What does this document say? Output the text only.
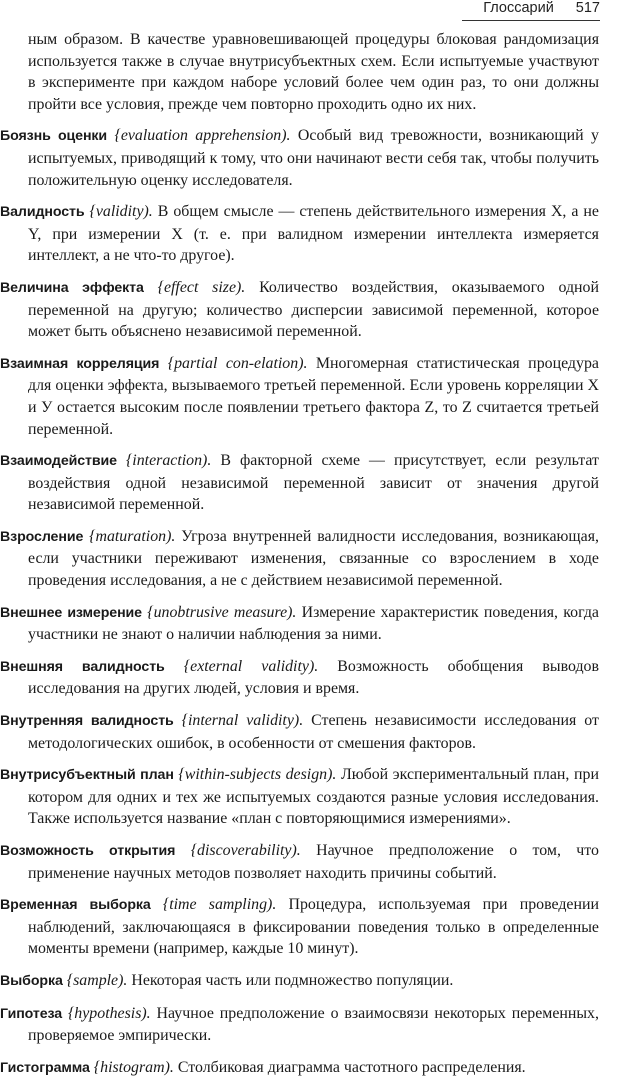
Глоссарий 517

ным образом. В качестве уравновешивающей процедуры блоковая рандомизация используется также в случае внутрисубъектных схем. Если испытуемые участвуют в эксперименте при каждом наборе условий более чем один раз, то они должны пройти все условия, прежде чем повторно проходить одно их них.

Боязнь оценки {evaluation apprehension). Особый вид тревожности, возникающий у испытуемых, приводящий к тому, что они начинают вести себя так, чтобы получить положительную оценку исследователя.

Валидность {validity). В общем смысле — степень действительного измерения X, а не Y, при измерении X (т. е. при валидном измерении интеллекта измеряется интеллект, а не что-то другое).

Величина эффекта {effect size). Количество воздействия, оказываемого одной переменной на другую; количество дисперсии зависимой переменной, которое может быть объяснено независимой переменной.

Взаимная корреляция {partial con-elation). Многомерная статистическая процедура для оценки эффекта, вызываемого третьей переменной. Если уровень корреляции X и У остается высоким после появлении третьего фактора Z, то Z считается третьей переменной.

Взаимодействие {interaction). В факторной схеме — присутствует, если результат воздействия одной независимой переменной зависит от значения другой независимой переменной.

Взросление {maturation). Угроза внутренней валидности исследования, возникающая, если участники переживают изменения, связанные со взрослением в ходе проведения исследования, а не с действием независимой переменной.

Внешнее измерение {unobtrusive measure). Измерение характеристик поведения, когда участники не знают о наличии наблюдения за ними.

Внешняя валидность {external validity). Возможность обобщения выводов исследования на других людей, условия и время.

Внутренняя валидность {internal validity). Степень независимости исследования от методологических ошибок, в особенности от смешения факторов.

Внутрисубъектный план {within-subjects design). Любой экспериментальный план, при котором для одних и тех же испытуемых создаются разные условия исследования. Также используется название «план с повторяющимися измерениями».

Возможность открытия {discoverability). Научное предположение о том, что применение научных методов позволяет находить причины событий.

Временная выборка {time sampling). Процедура, используемая при проведении наблюдений, заключающаяся в фиксировании поведения только в определенные моменты времени (например, каждые 10 минут).

Выборка {sample). Некоторая часть или подмножество популяции.

Гипотеза {hypothesis). Научное предположение о взаимосвязи некоторых переменных, проверяемое эмпирически.

Гистограмма {histogram). Столбиковая диаграмма частотного распределения.
